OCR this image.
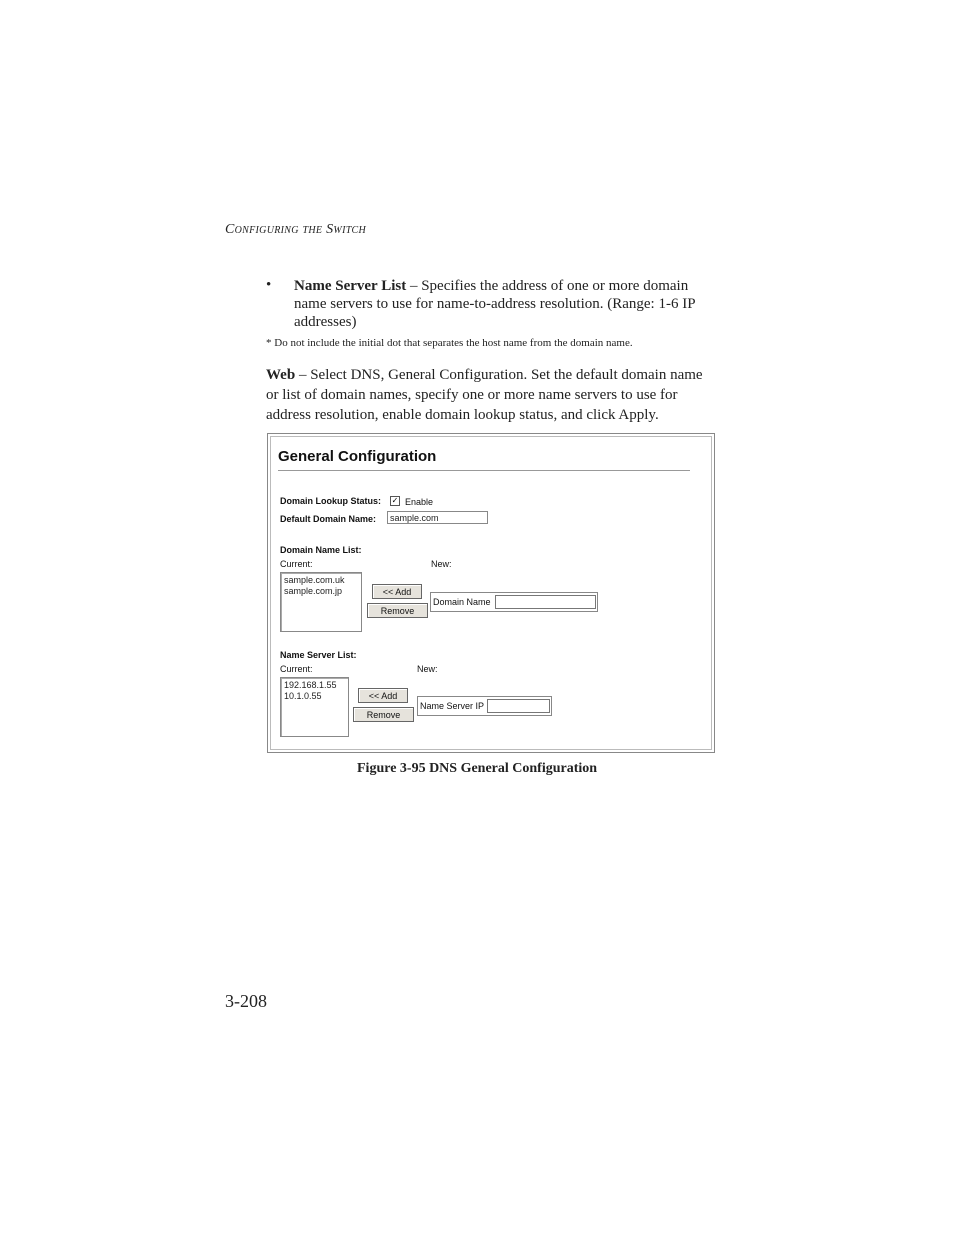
Configuring the Switch
• Name Server List – Specifies the address of one or more domain name servers to use for name-to-address resolution. (Range: 1-6 IP addresses)
* Do not include the initial dot that separates the host name from the domain name.
Web – Select DNS, General Configuration. Set the default domain name or list of domain names, specify one or more name servers to use for address resolution, enable domain lookup status, and click Apply.
General Configuration
Domain Lookup Status: ✓ Enable
Default Domain Name:	sample.com
Domain Name List:
Current:	New:
sample.com.uk
sample.com.jp	<< Add
Remove
Domain Name
Name Server List:
Current:	New:
192.168.1.55
10.1.0.55	<< Add
Remove
Name Server IP
Figure 3-95 DNS General Configuration
3-208
